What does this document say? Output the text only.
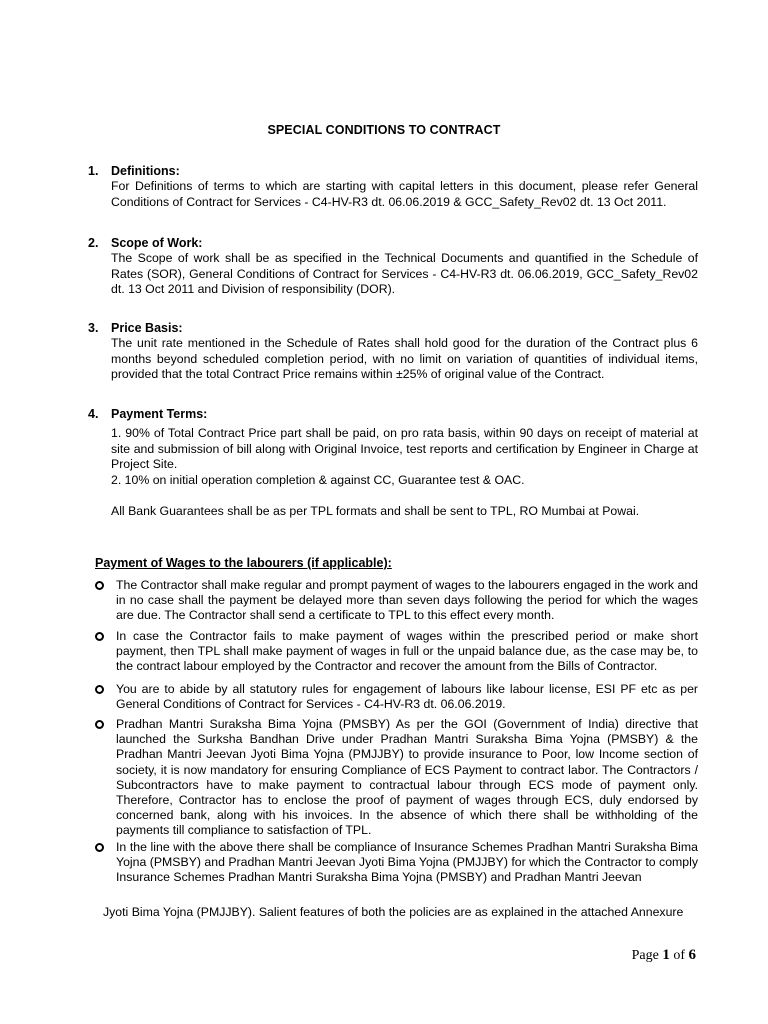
SPECIAL CONDITIONS TO CONTRACT
1.	Definitions:
For Definitions of terms to which are starting with capital letters in this document, please refer General Conditions of Contract for Services - C4-HV-R3 dt. 06.06.2019 & GCC_Safety_Rev02 dt. 13 Oct 2011.
2.	Scope of Work:
The Scope of work shall be as specified in the Technical Documents and quantified in the Schedule of Rates (SOR), General Conditions of Contract for Services - C4-HV-R3 dt. 06.06.2019, GCC_Safety_Rev02 dt. 13 Oct 2011 and Division of responsibility (DOR).
3.	Price Basis:
The unit rate mentioned in the Schedule of Rates shall hold good for the duration of the Contract plus 6 months beyond scheduled completion period, with no limit on variation of quantities of individual items, provided that the total Contract Price remains within ±25% of original value of the Contract.
4.	Payment Terms:

1. 90% of Total Contract Price part shall be paid, on pro rata basis, within 90 days on receipt of material at site and submission of bill along with Original Invoice, test reports and certification by Engineer in Charge at Project Site.

2. 10% on initial operation completion & against CC, Guarantee test & OAC.

All Bank Guarantees shall be as per TPL formats and shall be sent to TPL, RO Mumbai at Powai.

Payment of Wages to the labourers (if applicable):
The Contractor shall make regular and prompt payment of wages to the labourers engaged in the work and in no case shall the payment be delayed more than seven days following the period for which the wages are due. The Contractor shall send a certificate to TPL to this effect every month.
In case the Contractor fails to make payment of wages within the prescribed period or make short payment, then TPL shall make payment of wages in full or the unpaid balance due, as the case may be, to the contract labour employed by the Contractor and recover the amount from the Bills of Contractor.
You are to abide by all statutory rules for engagement of labours like labour license, ESI PF etc as per General Conditions of Contract for Services - C4-HV-R3 dt. 06.06.2019.
Pradhan Mantri Suraksha Bima Yojna (PMSBY) As per the GOI (Government of India) directive that launched the Surksha Bandhan Drive under Pradhan Mantri Suraksha Bima Yojna (PMSBY) & the Pradhan Mantri Jeevan Jyoti Bima Yojna (PMJJBY) to provide insurance to Poor, low Income section of society, it is now mandatory for ensuring Compliance of ECS Payment to contract labor. The Contractors / Subcontractors have to make payment to contractual labour through ECS mode of payment only. Therefore, Contractor has to enclose the proof of payment of wages through ECS, duly endorsed by concerned bank, along with his invoices. In the absence of which there shall be withholding of the payments till compliance to satisfaction of TPL.
In the line with the above there shall be compliance of Insurance Schemes Pradhan Mantri Suraksha Bima Yojna (PMSBY) and Pradhan Mantri Jeevan Jyoti Bima Yojna (PMJJBY) for which the Contractor to comply Insurance Schemes Pradhan Mantri Suraksha Bima Yojna (PMSBY) and Pradhan Mantri Jeevan
Jyoti Bima Yojna (PMJJBY). Salient features of both the policies are as explained in the attached Annexure
Page 1 of 6
